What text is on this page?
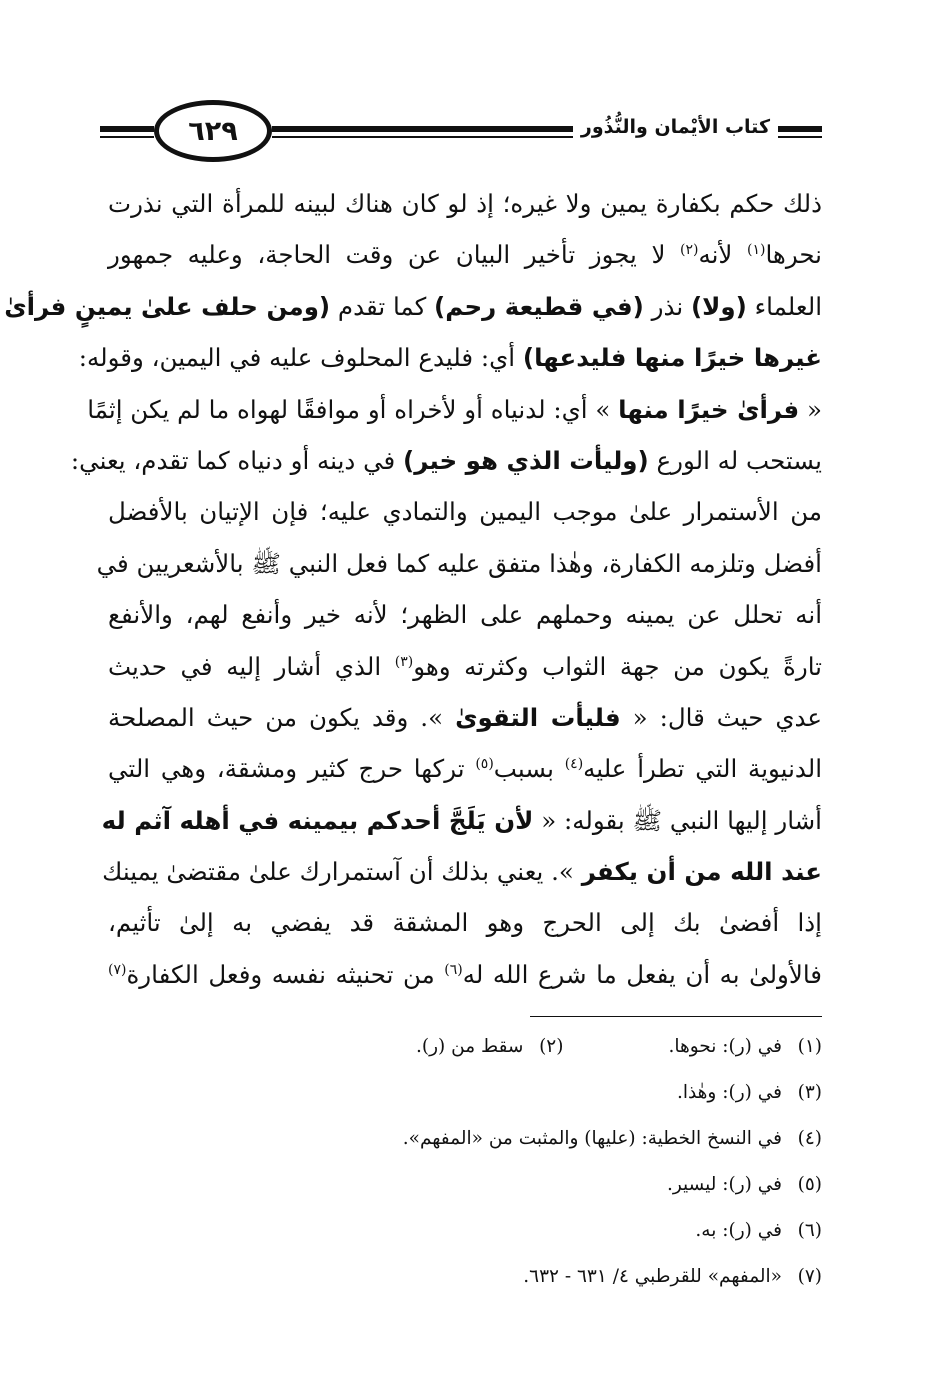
٦٢٩	كتاب الأيْمان والنُّذُور
ذلك حكم بكفارة يمين ولا غيره؛ إذ لو كان هناك لبينه للمرأة التي نذرت
نحرها$^{(١)}$ لأنه$^{(٢)}$ لا يجوز تأخير البيان عن وقت الحاجة، وعليه جمهور
العلماء (ولا) نذر (في قطيعة رحم) كما تقدم (ومن حلف علىٰ يمينٍ فرأىٰ
غيرها خيرًا منها فليدعها) أي: فليدع المحلوف عليه في اليمين، وقوله:
« فرأىٰ خيرًا منها » أي: لدنياه أو لأخراه أو موافقًا لهواه ما لم يكن إثمًا
يستحب له الورع (وليأت الذي هو خير) في دينه أو دنياه كما تقدم، يعني:
من الأستمرار علىٰ موجب اليمين والتمادي عليه؛ فإن الإتيان بالأفضل
أفضل وتلزمه الكفارة، وهٰذا متفق عليه كما فعل النبي ﷺ بالأشعريين في
أنه تحلل عن يمينه وحملهم على الظهر؛ لأنه خير وأنفع لهم، والأنفع
تارةً يكون من جهة الثواب وكثرته وهو$^{(٣)}$ الذي أشار إليه في حديث
عدي حيث قال: « فليأت التقوىٰ ». وقد يكون من حيث المصلحة
الدنيوية التي تطرأ عليه$^{(٤)}$ بسبب$^{(٥)}$ تركها حرج كثير ومشقة، وهي التي
أشار إليها النبي ﷺ بقوله: « لأن يَلَجَّ أحدكم بيمينه في أهله آثم له
عند الله من أن يكفر ». يعني بذلك أن آستمرارك علىٰ مقتضىٰ يمينك
إذا أفضىٰ بك إلى الحرج وهو المشقة قد يفضي به إلىٰ تأثيم،
فالأولىٰ به أن يفعل ما شرع الله له$^{(٦)}$ من تحنيثه نفسه وفعل الكفارة$^{(٧)}$
(١)في (ر): نحوها.(٢)سقط من (ر).
(٣)في (ر): وهٰذا.
(٤)في النسخ الخطية: (عليها) والمثبت من «المفهم».
(٥)في (ر): ليسير.
(٦)في (ر): به.
(٧)«المفهم» للقرطبي ٤/ ٦٣١ - ٦٣٢.
